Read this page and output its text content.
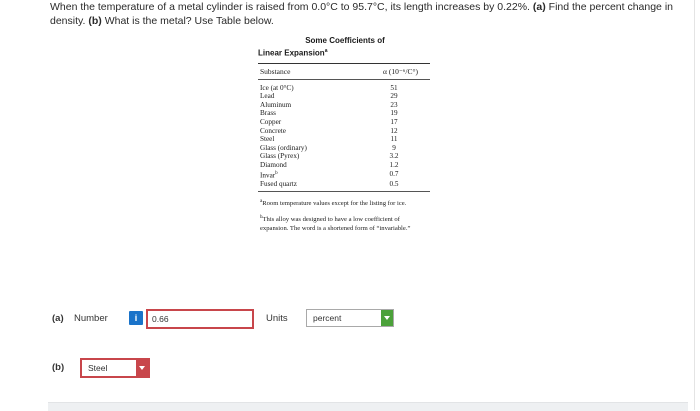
When the temperature of a metal cylinder is raised from 0.0°C to 95.7°C, its length increases by 0.22%. (a) Find the percent change in
density. (b) What is the metal? Use Table below.
Some Coefficients of
Linear Expansion$^a$
Substance	α (10⁻⁶/C°)
Ice (at 0°C)	51
Lead	29
Aluminum	23
Brass	19
Copper	17
Concrete	12
Steel	11
Glass (ordinary)	9
Glass (Pyrex)	3.2
Diamond	1.2
Invar$^b$	0.7
Fused quartz	0.5

$^a$Room temperature values except for the listing for ice.

$^b$This alloy was designed to have a low coefficient of expansion. The word is a shortened form of “invariable.”

(a) Number	i	0.66	Units	percent
(b)	Steel
